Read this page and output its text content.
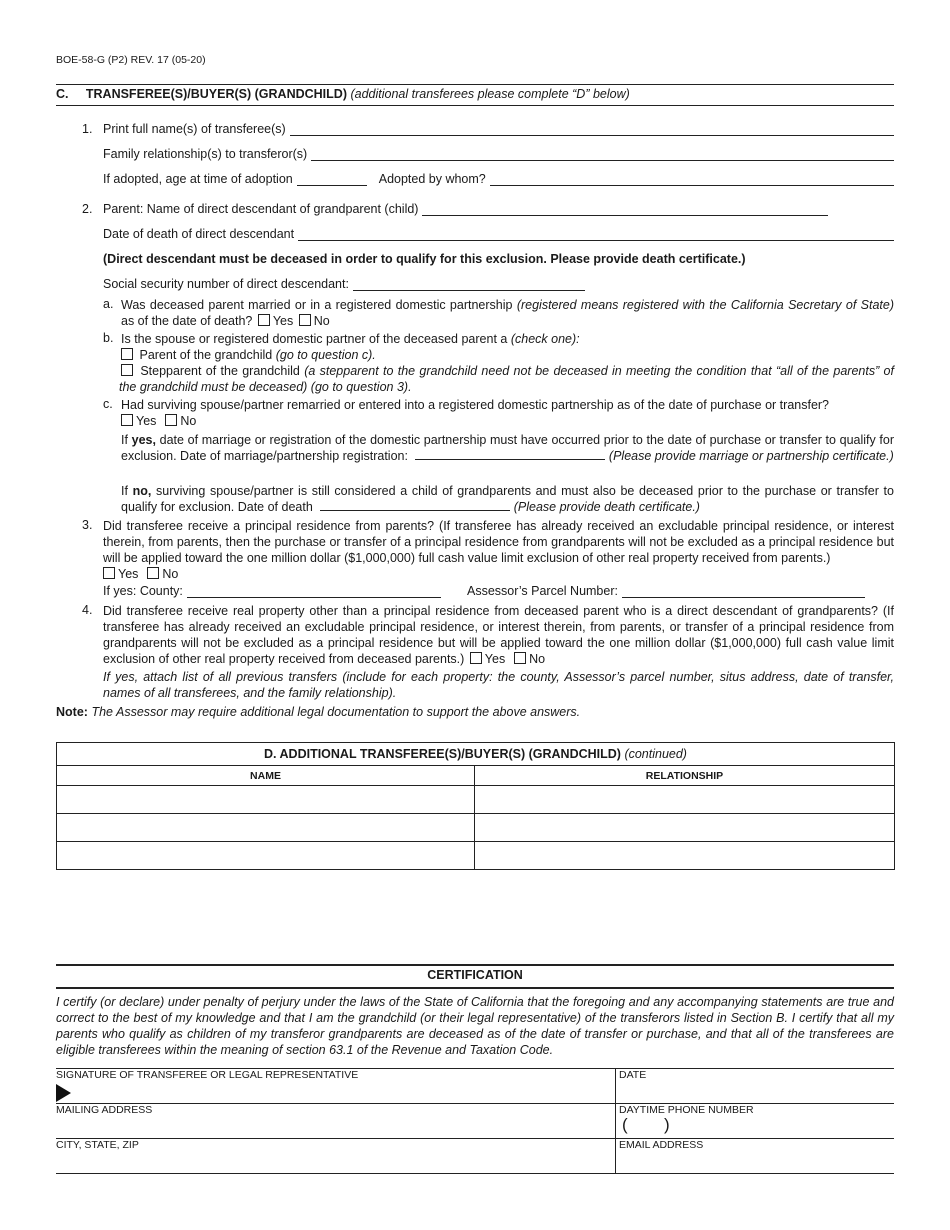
BOE-58-G (P2) REV. 17 (05-20)
C. TRANSFEREE(S)/BUYER(S) (GRANDCHILD) (additional transferees please complete “D” below)
1. Print full name(s) of transferee(s)
Family relationship(s) to transferor(s)
If adopted, age at time of adoption	Adopted by whom?
2. Parent: Name of direct descendant of grandparent (child)
Date of death of direct descendant
(Direct descendant must be deceased in order to qualify for this exclusion. Please provide death certificate.)
Social security number of direct descendant:
a. Was deceased parent married or in a registered domestic partnership (registered means registered with the California Secretary of State) as of the date of death? Yes No
b. Is the spouse or registered domestic partner of the deceased parent a (check one):
Parent of the grandchild (go to question c).
Stepparent of the grandchild (a stepparent to the grandchild need not be deceased in meeting the condition that “all of the parents” of the grandchild must be deceased) (go to question 3).
c. Had surviving spouse/partner remarried or entered into a registered domestic partnership as of the date of purchase or transfer?
Yes No
If yes, date of marriage or registration of the domestic partnership must have occurred prior to the date of purchase or transfer to qualify for exclusion. Date of marriage/partnership registration:	(Please provide marriage or partnership certificate.)
If no, surviving spouse/partner is still considered a child of grandparents and must also be deceased prior to the purchase or transfer to qualify for exclusion. Date of death	(Please provide death certificate.)
3. Did transferee receive a principal residence from parents? (If transferee has already received an excludable principal residence, or interest therein, from parents, then the purchase or transfer of a principal residence from grandparents will not be excluded as a principal residence but will be applied toward the one million dollar ($1,000,000) full cash value limit exclusion of other real property received from parents.)
Yes No
If yes: County:	Assessor’s Parcel Number:
4. Did transferee receive real property other than a principal residence from deceased parent who is a direct descendant of grandparents? (If transferee has already received an excludable principal residence, or interest therein, from parents, or transfer of a principal residence from grandparents will not be excluded as a principal residence but will be applied toward the one million dollar ($1,000,000) full cash value limit exclusion of other real property received from deceased parents.) Yes No
If yes, attach list of all previous transfers (include for each property: the county, Assessor’s parcel number, situs address, date of transfer, names of all transferees, and the family relationship).
Note: The Assessor may require additional legal documentation to support the above answers.
D. ADDITIONAL TRANSFEREE(S)/BUYER(S) (GRANDCHILD)
(continued)
NAME	RELATIONSHIP
CERTIFICATION
I certify (or declare) under penalty of perjury under the laws of the State of California that the foregoing and any accompanying statements are true and correct to the best of my knowledge and that I am the grandchild (or their legal representative) of the transferors listed in Section B. I certify that all my parents who qualify as children of my transferor grandparents are deceased as of the date of transfer or purchase, and that all of the transferees are eligible transferees within the meaning of section 63.1 of the Revenue and Taxation Code.
SIGNATURE OF TRANSFEREE OR LEGAL REPRESENTATIVE	DATE
MAILING ADDRESS	DAYTIME PHONE NUMBER
( )
CITY, STATE, ZIP	EMAIL ADDRESS
